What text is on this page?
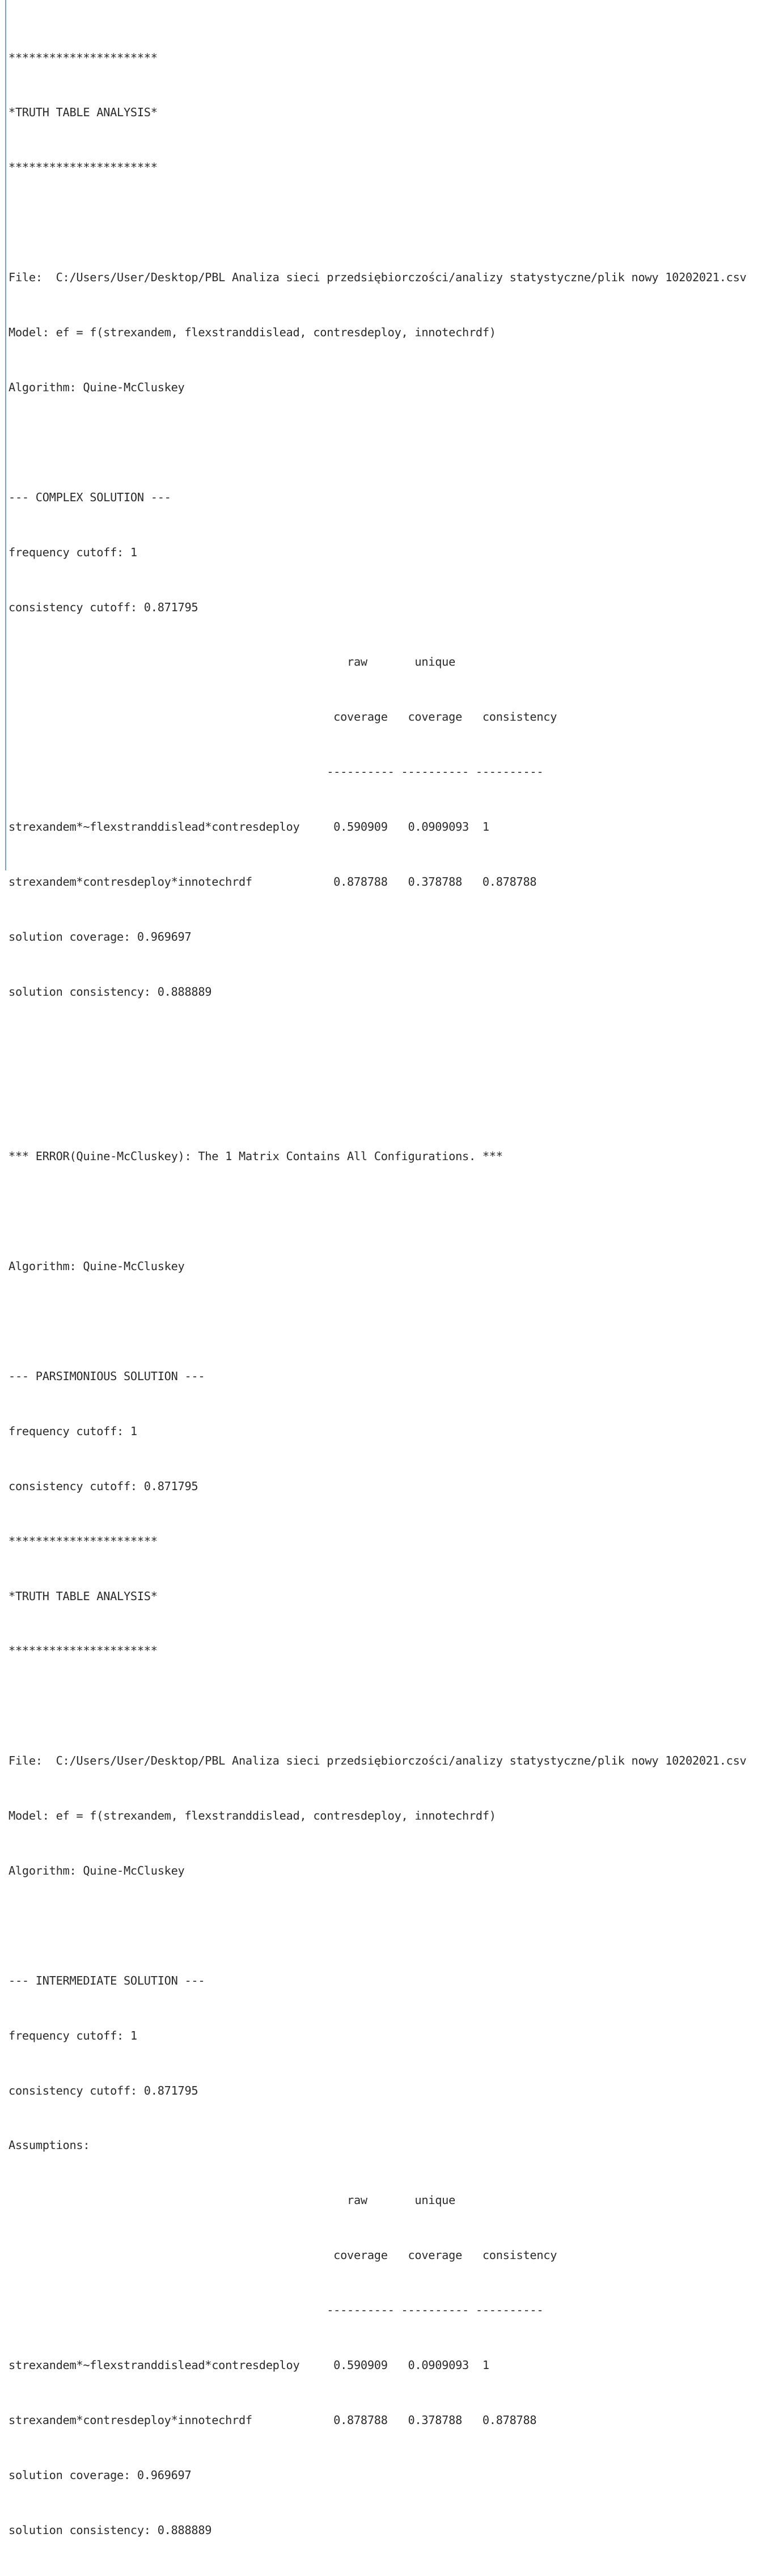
**********************

*TRUTH TABLE ANALYSIS*

**********************

File:  C:/Users/User/Desktop/PBL Analiza sieci przedsiębiorczości/analizy statystyczne/plik nowy 10202021.csv

Model: ef = f(strexandem, flexstranddislead, contresdeploy, innotechrdf)

Algorithm: Quine-McCluskey

--- COMPLEX SOLUTION ---

frequency cutoff: 1

consistency cutoff: 0.871795

raw       unique

coverage   coverage   consistency

---------- ---------- ----------

strexandem*~flexstranddislead*contresdeploy     0.590909   0.0909093  1

strexandem*contresdeploy*innotechrdf            0.878788   0.378788   0.878788

solution coverage: 0.969697

solution consistency: 0.888889

*** ERROR(Quine-McCluskey): The 1 Matrix Contains All Configurations. ***

Algorithm: Quine-McCluskey

--- PARSIMONIOUS SOLUTION ---

frequency cutoff: 1

consistency cutoff: 0.871795

**********************

*TRUTH TABLE ANALYSIS*

**********************

File:  C:/Users/User/Desktop/PBL Analiza sieci przedsiębiorczości/analizy statystyczne/plik nowy 10202021.csv

Model: ef = f(strexandem, flexstranddislead, contresdeploy, innotechrdf)

Algorithm: Quine-McCluskey

--- INTERMEDIATE SOLUTION ---

frequency cutoff: 1

consistency cutoff: 0.871795

Assumptions:

raw       unique

coverage   coverage   consistency

---------- ---------- ----------

strexandem*~flexstranddislead*contresdeploy     0.590909   0.0909093  1

strexandem*contresdeploy*innotechrdf            0.878788   0.378788   0.878788

solution coverage: 0.969697

solution consistency: 0.888889
